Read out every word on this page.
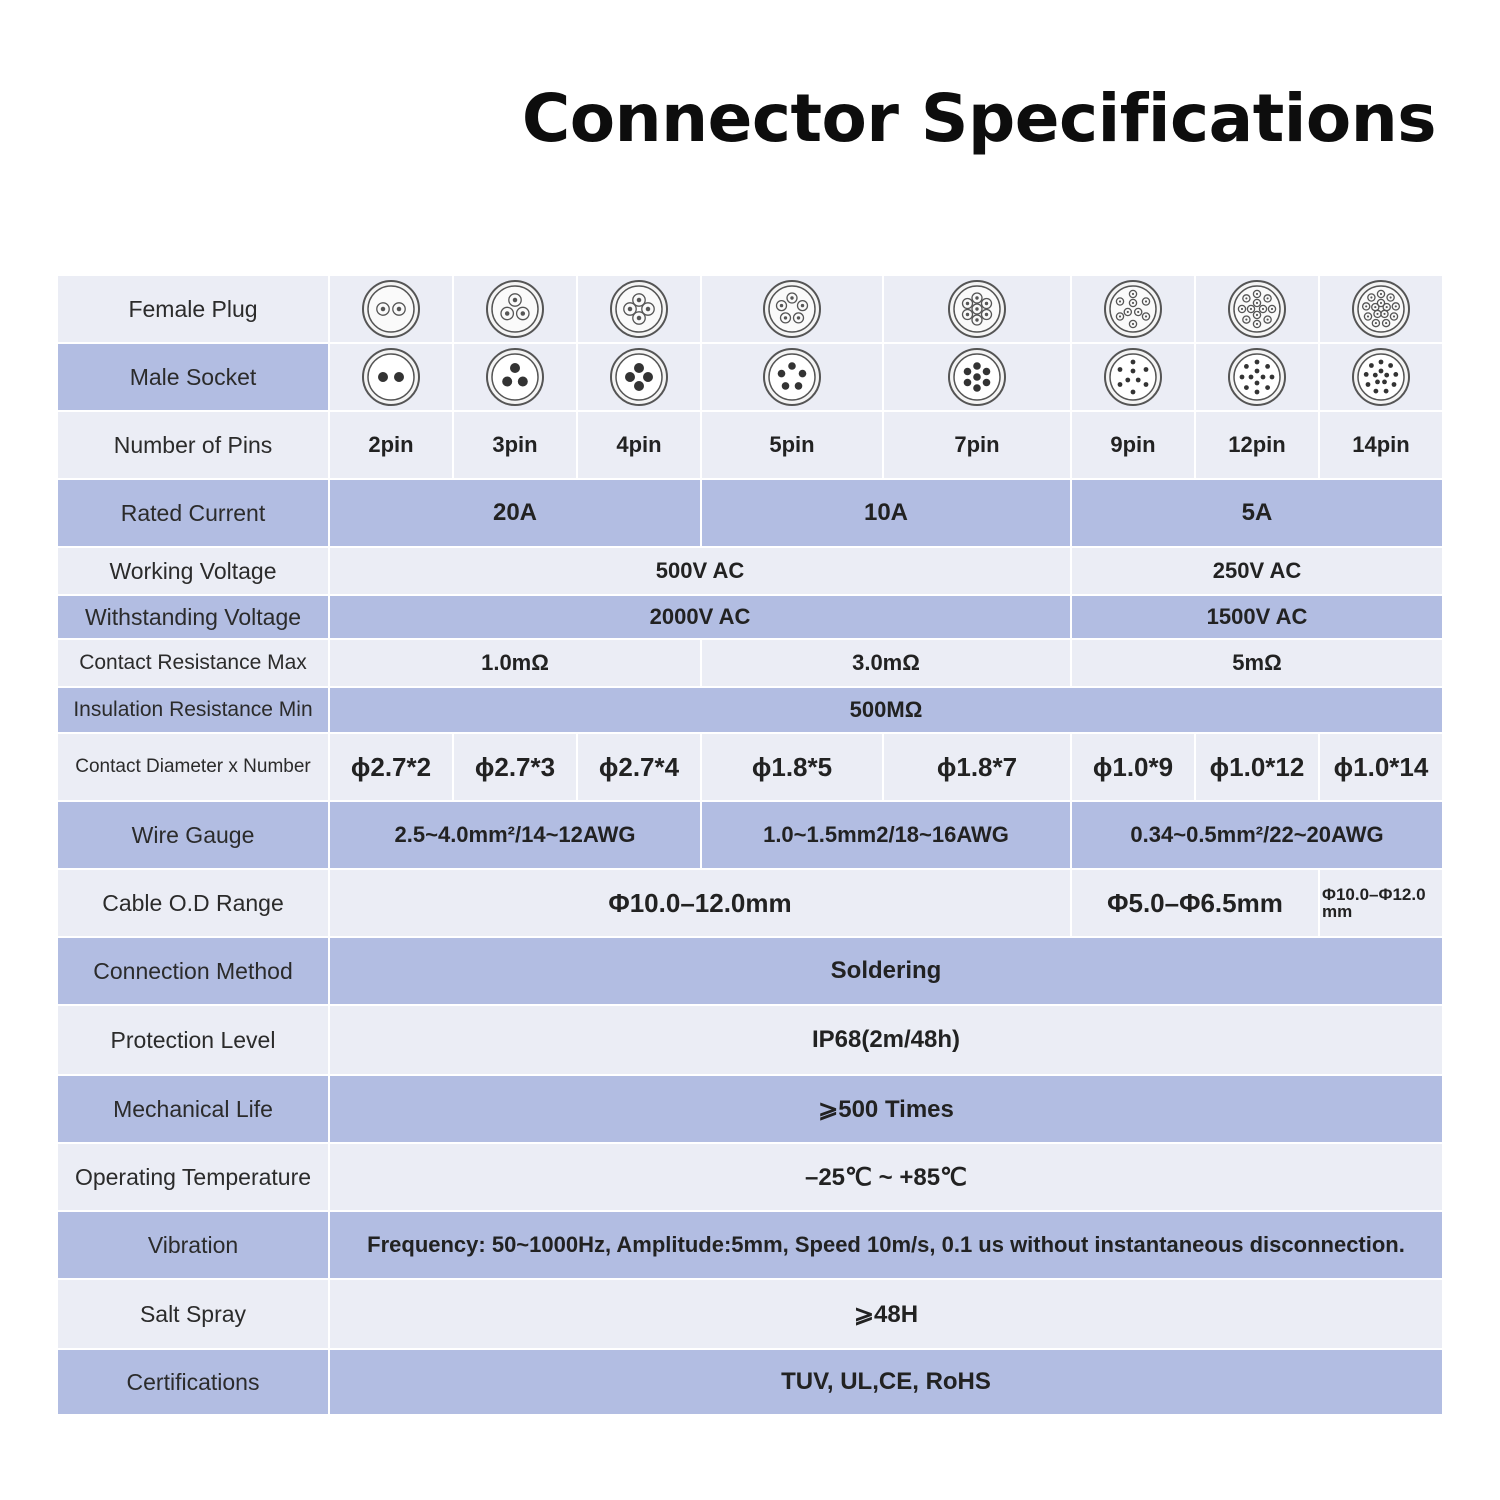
Connector Specifications
Female Plug
Male Socket
Number of Pins	2pin	3pin	4pin	5pin	7pin	9pin	12pin	14pin
Rated Current	20A	10A	5A
Working Voltage	500V AC	250V AC
Withstanding Voltage	2000V AC	1500V AC
Contact Resistance Max	1.0mΩ	3.0mΩ	5mΩ
Insulation Resistance Min	500MΩ
Contact Diameter x Number	ϕ2.7*2	ϕ2.7*3	ϕ2.7*4	ϕ1.8*5	ϕ1.8*7	ϕ1.0*9	ϕ1.0*12	ϕ1.0*14
Wire Gauge	2.5~4.0mm²/14~12AWG	1.0~1.5mm2/18~16AWG	0.34~0.5mm²/22~20AWG
Cable O.D Range	Φ10.0–12.0mm	Φ5.0–Φ6.5mm	Φ10.0–Φ12.0 mm
Connection Method	Soldering
Protection Level	IP68(2m/48h)
Mechanical Life	⩾500 Times
Operating Temperature	–25℃ ~ +85℃
Vibration	Frequency: 50~1000Hz, Amplitude:5mm, Speed 10m/s, 0.1 us without instantaneous disconnection.
Salt Spray	⩾48H
Certifications	TUV, UL,CE, RoHS
